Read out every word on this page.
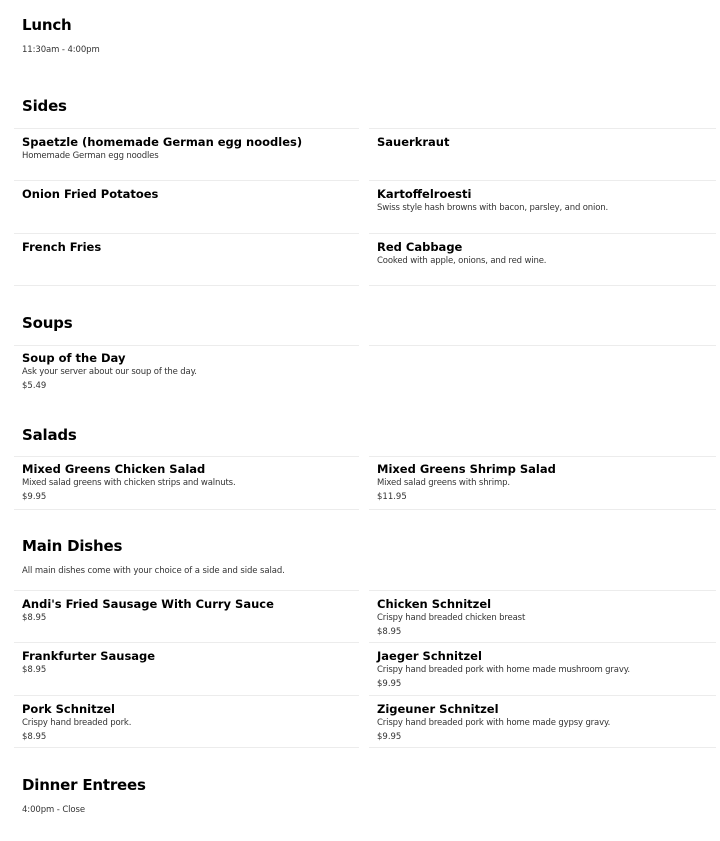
Lunch
11:30am - 4:00pm
Sides
Spaetzle (homemade German egg noodles)
Homemade German egg noodles
Sauerkraut
Onion Fried Potatoes	Kartoffelroesti
Swiss style hash browns with bacon, parsley, and onion.
French Fries	Red Cabbage
Cooked with apple, onions, and red wine.
Soups
Soup of the Day
Ask your server about our soup of the day.
$5.49
Salads
Mixed Greens Chicken Salad
Mixed salad greens with chicken strips and walnuts.
$9.95
Mixed Greens Shrimp Salad
Mixed salad greens with shrimp.
$11.95
Main Dishes
All main dishes come with your choice of a side and side salad.
Andi's Fried Sausage With Curry Sauce
$8.95
Chicken Schnitzel
Crispy hand breaded chicken breast
$8.95
Frankfurter Sausage
$8.95
Jaeger Schnitzel
Crispy hand breaded pork with home made mushroom gravy.
$9.95
Pork Schnitzel
Crispy hand breaded pork.
$8.95
Zigeuner Schnitzel
Crispy hand breaded pork with home made gypsy gravy.
$9.95
Dinner Entrees
4:00pm - Close
